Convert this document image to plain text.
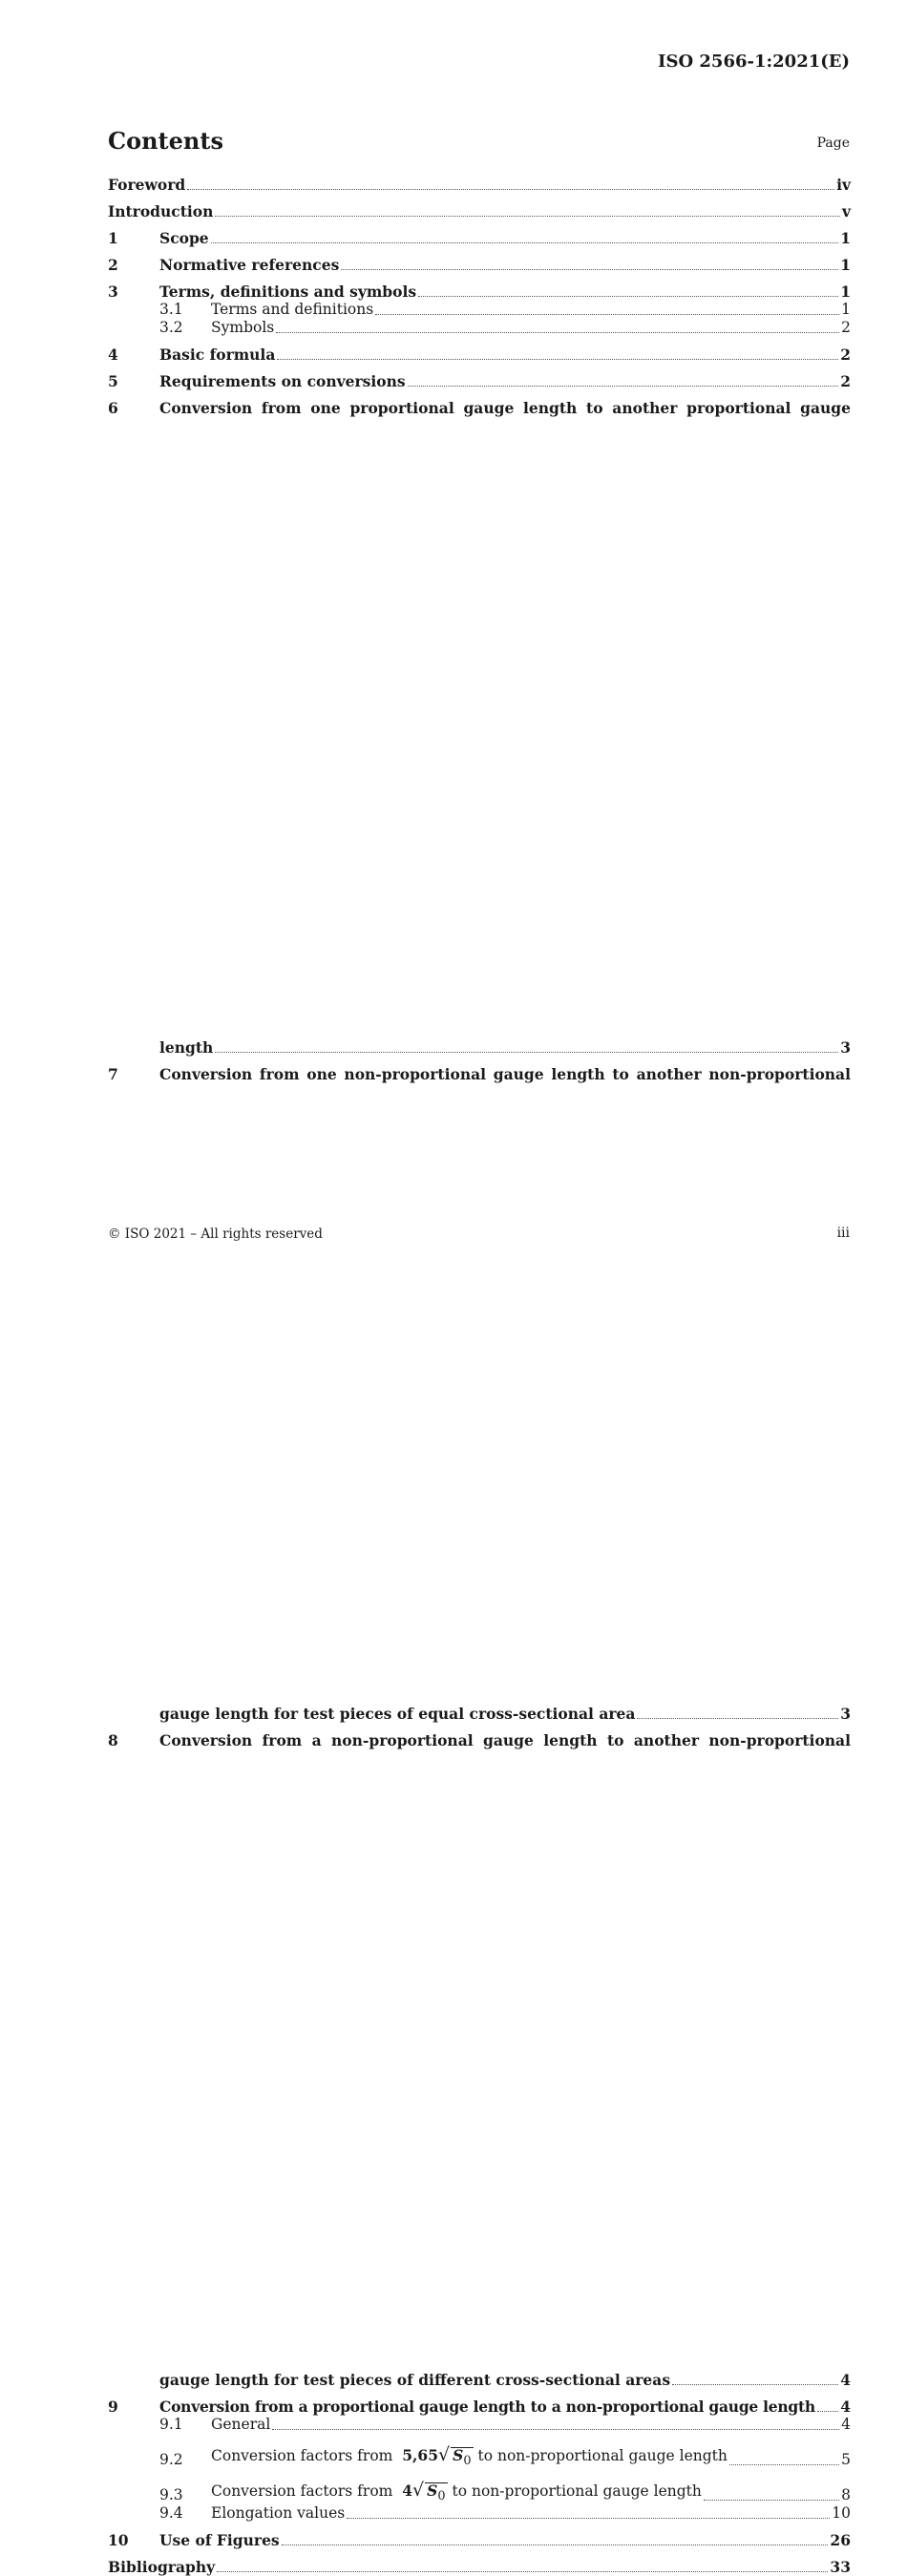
ISO 2566-1:2021(E)
Contents	Page
Foreword	iv
Introduction	v
1	Scope	1
2	Normative references	1
3	Terms, definitions and symbols	1
3.1	Terms and definitions	1
3.2	Symbols	2
4	Basic formula	2
5	Requirements on conversions	2
6	Conversion from one proportional gauge length to another proportional gauge
length	3
7	Conversion from one non-proportional gauge length to another non-proportional
gauge length for test pieces of equal cross-sectional area	3
8	Conversion from a non-proportional gauge length to another non-proportional
gauge length for test pieces of different cross-sectional areas	4
9	Conversion from a proportional gauge length to a non-proportional gauge length 4
9.1	General	4
9.2	Conversion factors from 5,65√ $S_0$ to non-proportional gauge length	5
9.3	Conversion factors from 4√ $S_0$ to non-proportional gauge length	8
9.4	Elongation values	10
10	Use of Figures	26
Bibliography	33
© ISO 2021 – All rights reserved	iii
